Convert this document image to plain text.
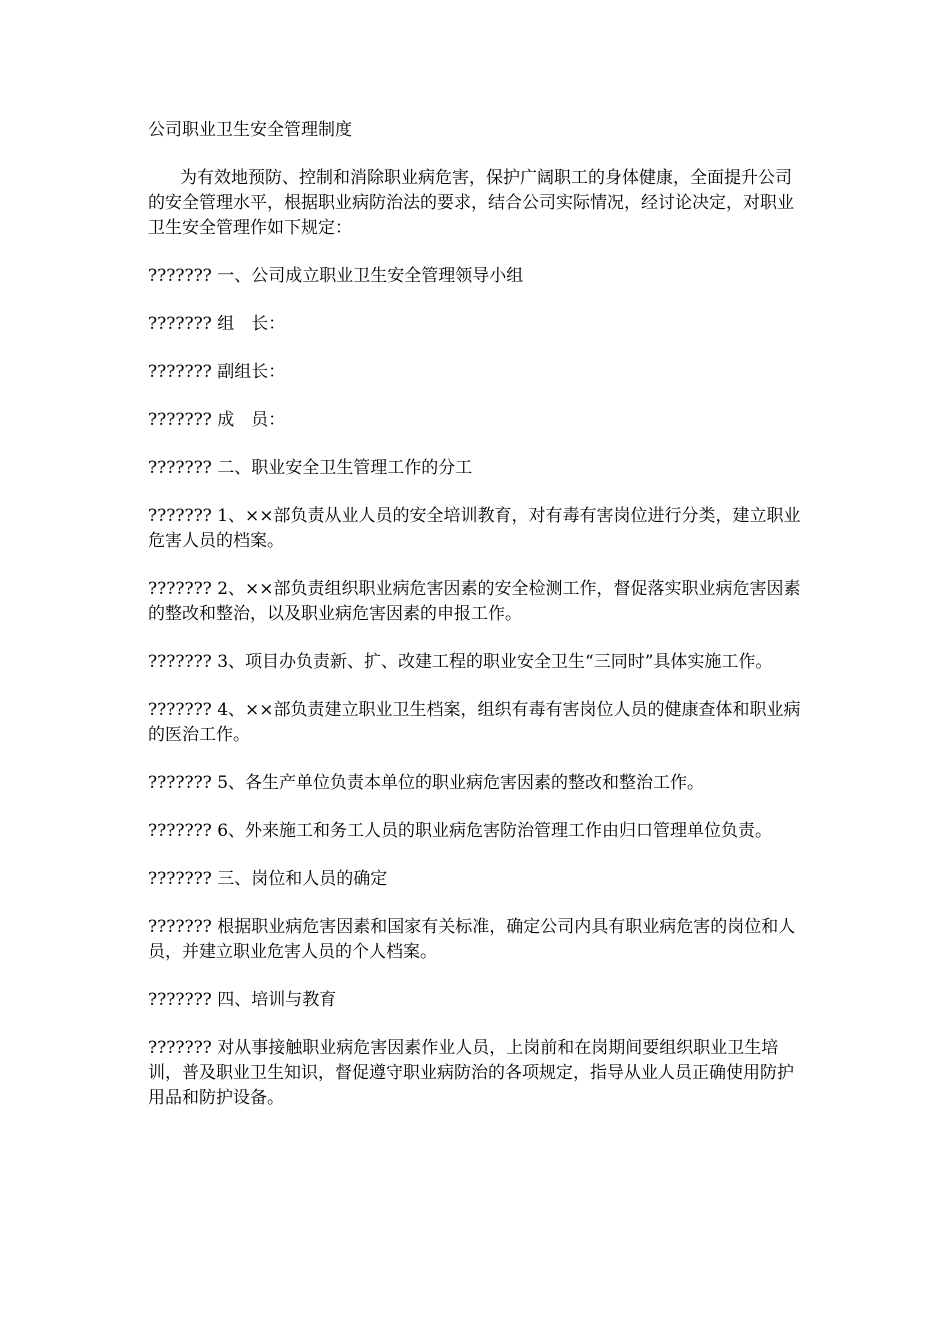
公司职业卫生安全管理制度

为有效地预防、控制和消除职业病危害，保护广阔职工的身体健康，全面提升公司的安全管理水平，根据职业病防治法的要求，结合公司实际情况，经讨论决定，对职业卫生安全管理作如下规定：

??????? 一、公司成立职业卫生安全管理领导小组

??????? 组　长：

??????? 副组长：

??????? 成　员：

??????? 二、职业安全卫生管理工作的分工

??????? 1、××部负责从业人员的安全培训教育，对有毒有害岗位进行分类，建立职业危害人员的档案。

??????? 2、××部负责组织职业病危害因素的安全检测工作，督促落实职业病危害因素的整改和整治，以及职业病危害因素的申报工作。

??????? 3、项目办负责新、扩、改建工程的职业安全卫生“三同时”具体实施工作。

??????? 4、××部负责建立职业卫生档案，组织有毒有害岗位人员的健康查体和职业病的医治工作。

??????? 5、各生产单位负责本单位的职业病危害因素的整改和整治工作。

??????? 6、外来施工和务工人员的职业病危害防治管理工作由归口管理单位负责。

??????? 三、岗位和人员的确定

??????? 根据职业病危害因素和国家有关标准，确定公司内具有职业病危害的岗位和人员，并建立职业危害人员的个人档案。

??????? 四、培训与教育

??????? 对从事接触职业病危害因素作业人员，上岗前和在岗期间要组织职业卫生培训，普及职业卫生知识，督促遵守职业病防治的各项规定，指导从业人员正确使用防护用品和防护设备。
